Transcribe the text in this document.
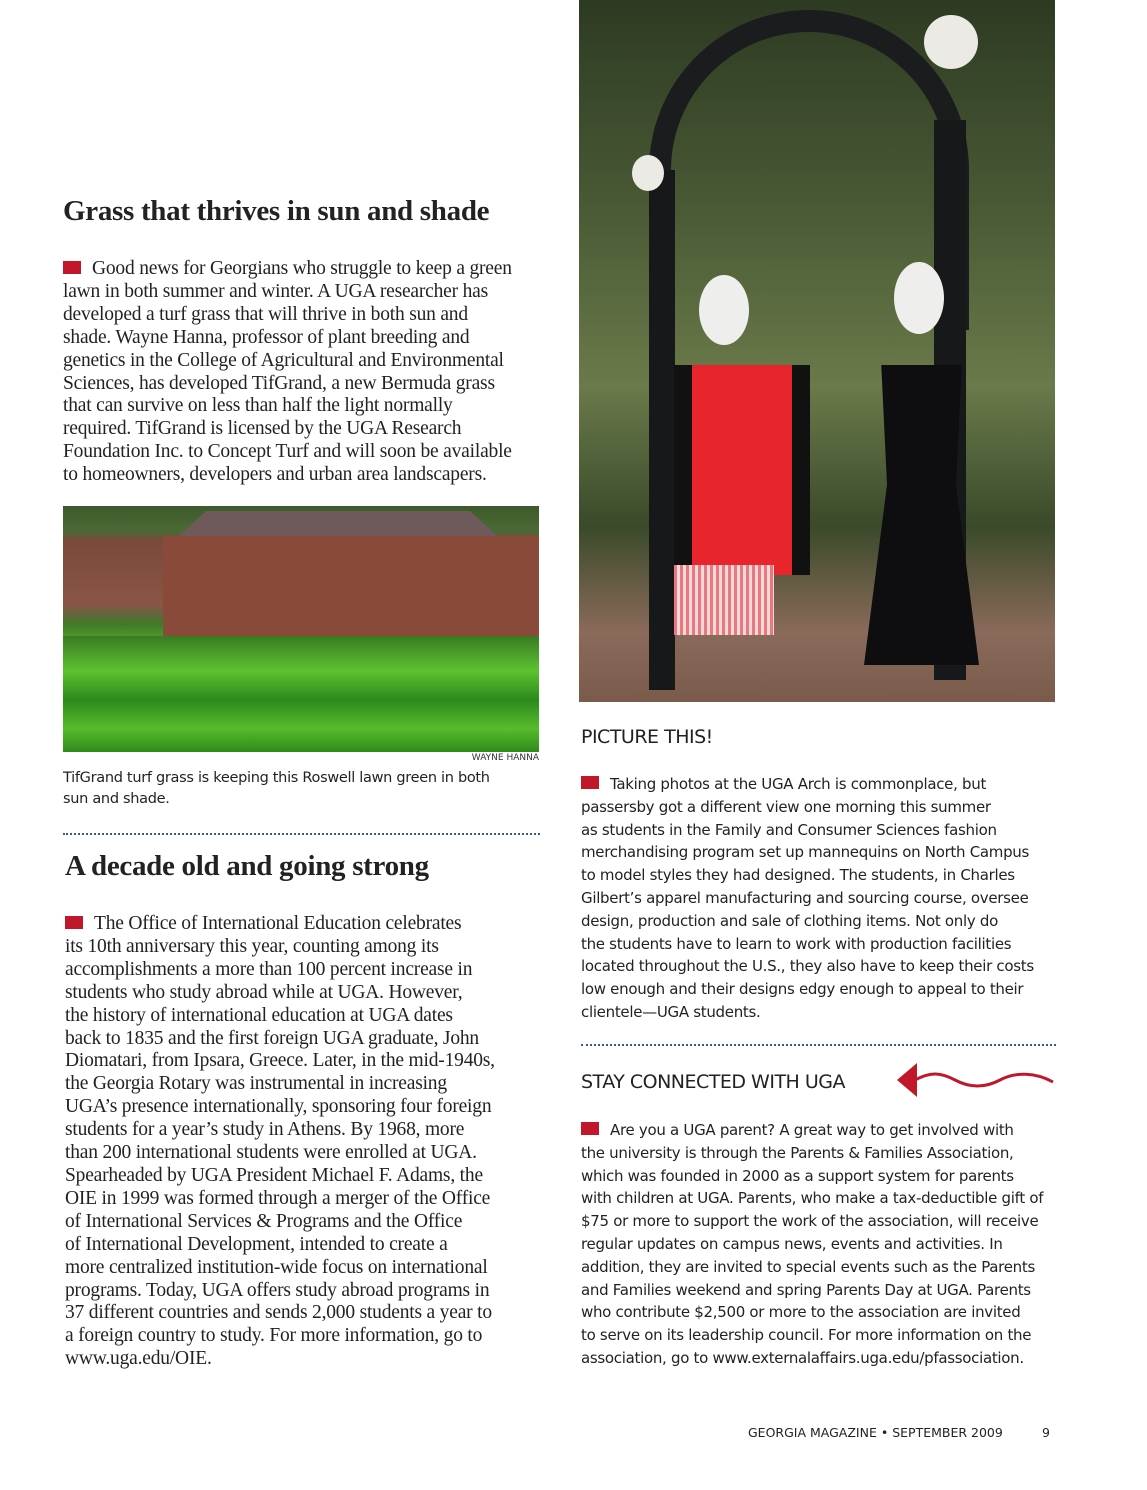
Grass that thrives in sun and shade
Good news for Georgians who struggle to keep a green
lawn in both summer and winter. A UGA researcher has
developed a turf grass that will thrive in both sun and
shade. Wayne Hanna, professor of plant breeding and
genetics in the College of Agricultural and Environmental
Sciences, has developed TifGrand, a new Bermuda grass
that can survive on less than half the light normally
required. TifGrand is licensed by the UGA Research
Foundation Inc. to Concept Turf and will soon be available
to homeowners, developers and urban area landscapers.
WAYNE HANNA
TifGrand turf grass is keeping this Roswell lawn green in both
sun and shade.
A decade old and going strong
The Office of International Education celebrates
its 10th anniversary this year, counting among its
accomplishments a more than 100 percent increase in
students who study abroad while at UGA. However,
the history of international education at UGA dates
back to 1835 and the first foreign UGA graduate, John
Diomatari, from Ipsara, Greece. Later, in the mid-1940s,
the Georgia Rotary was instrumental in increasing
UGA’s presence internationally, sponsoring four foreign
students for a year’s study in Athens. By 1968, more
than 200 international students were enrolled at UGA.
Spearheaded by UGA President Michael F. Adams, the
OIE in 1999 was formed through a merger of the Office
of International Services & Programs and the Office
of International Development, intended to create a
more centralized institution-wide focus on international
programs. Today, UGA offers study abroad programs in
37 different countries and sends 2,000 students a year to
a foreign country to study. For more information, go to
www.uga.edu/OIE.
PICTURE THIS!
Taking photos at the UGA Arch is commonplace, but
passersby got a different view one morning this summer
as students in the Family and Consumer Sciences fashion
merchandising program set up mannequins on North Campus
to model styles they had designed. The students, in Charles
Gilbert’s apparel manufacturing and sourcing course, oversee
design, production and sale of clothing items. Not only do
the students have to learn to work with production facilities
located throughout the U.S., they also have to keep their costs
low enough and their designs edgy enough to appeal to their
clientele—UGA students.
STAY CONNECTED WITH UGA
Are you a UGA parent? A great way to get involved with
the university is through the Parents & Families Association,
which was founded in 2000 as a support system for parents
with children at UGA. Parents, who make a tax-deductible gift of
$75 or more to support the work of the association, will receive
regular updates on campus news, events and activities. In
addition, they are invited to special events such as the Parents
and Families weekend and spring Parents Day at UGA. Parents
who contribute $2,500 or more to the association are invited
to serve on its leadership council. For more information on the
association, go to www.externalaffairs.uga.edu/pfassociation.
GEORGIA MAGAZINE • SEPTEMBER 2009	9
